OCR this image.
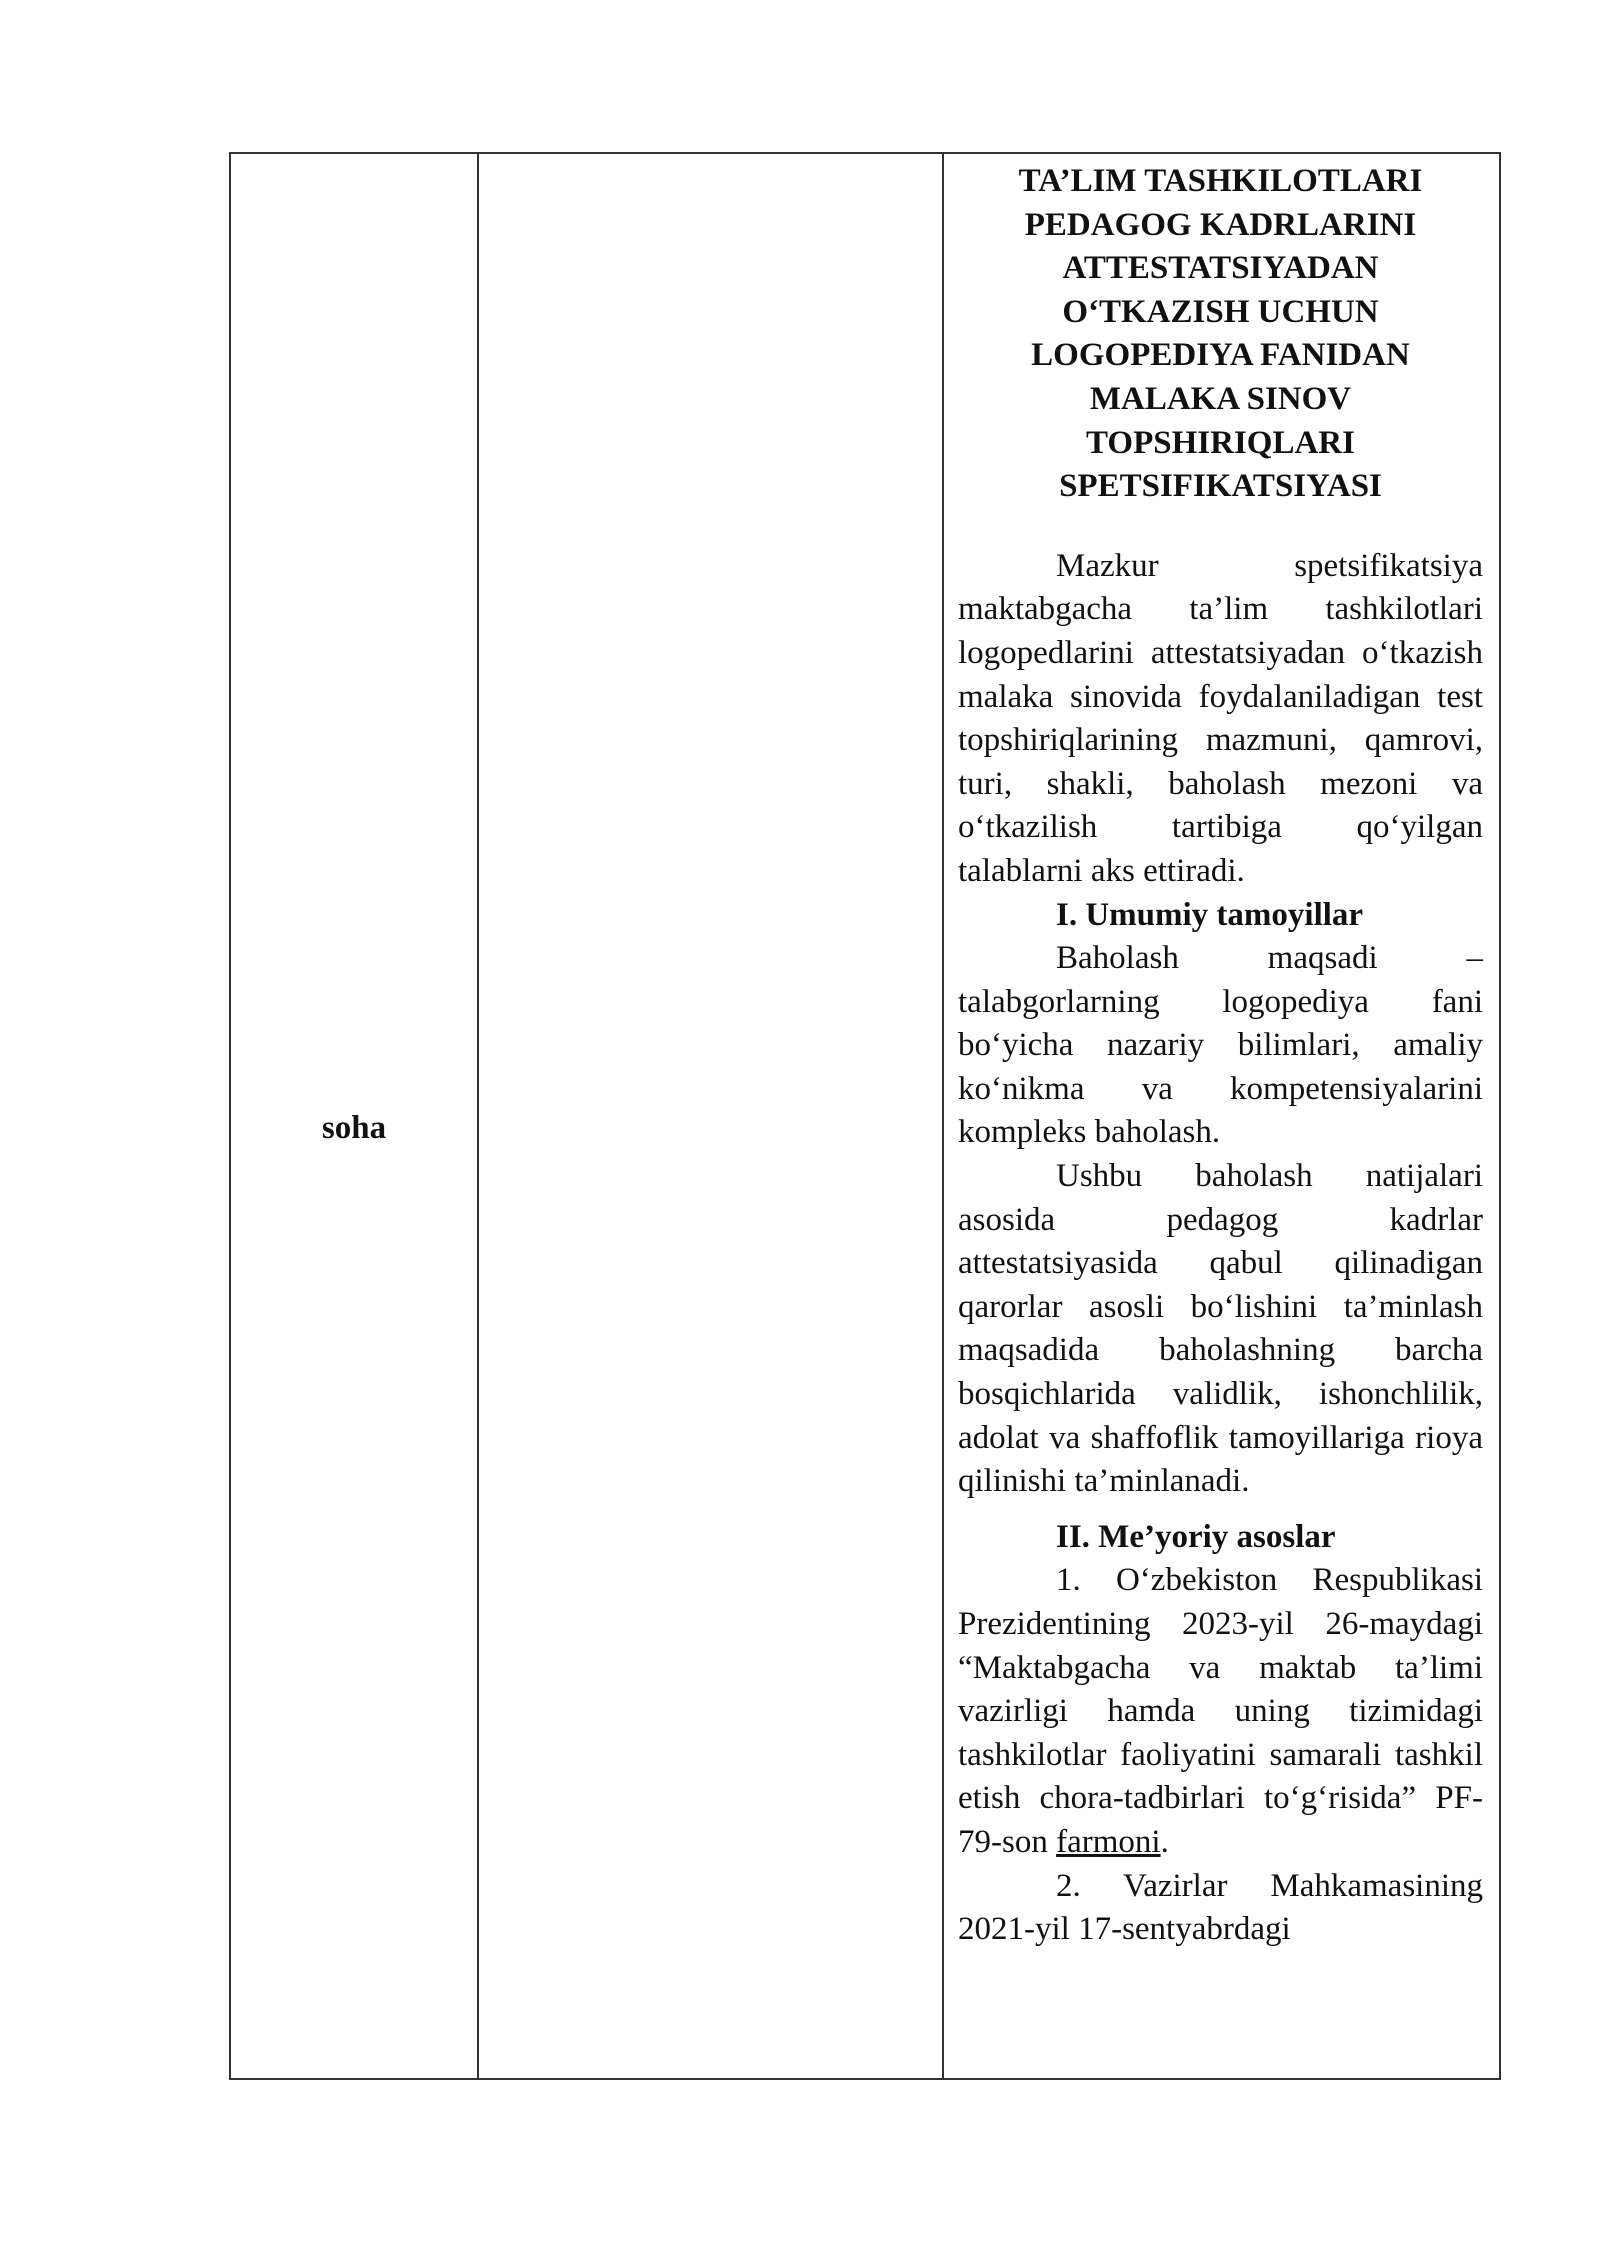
soha

TA’LIM TASHKILOTLARI
PEDAGOG KADRLARINI
ATTESTATSIYADAN
O‘TKAZISH UCHUN
LOGOPEDIYA FANIDAN
MALAKA SINOV
TOPSHIRIQLARI
SPETSIFIKATSIYASI

Mazkur spetsifikatsiya maktabgacha ta’lim tashkilotlari logopedlarini attestatsiyadan o‘tkazish malaka sinovida foydalaniladigan test topshiriqlarining mazmuni, qamrovi, turi, shakli, baholash mezoni va o‘tkazilish tartibiga qo‘yilgan talablarni aks ettiradi.

I. Umumiy tamoyillar

Baholash maqsadi – talabgorlarning logopediya fani bo‘yicha nazariy bilimlari, amaliy ko‘nikma va kompetensiyalarini kompleks baholash.

Ushbu baholash natijalari asosida pedagog kadrlar attestatsiyasida qabul qilinadigan qarorlar asosli bo‘lishini ta’minlash maqsadida baholashning barcha bosqichlarida validlik, ishonchlilik, adolat va shaffoflik tamoyillariga rioya qilinishi ta’minlanadi.

II. Me’yoriy asoslar

1. O‘zbekiston Respublikasi Prezidentining 2023-yil 26-maydagi “Maktabgacha va maktab ta’limi vazirligi hamda uning tizimidagi tashkilotlar faoliyatini samarali tashkil etish chora-tadbirlari to‘g‘risida” PF-79-son farmoni.

2. Vazirlar Mahkamasining 2021-yil 17-sentyabrdagi
